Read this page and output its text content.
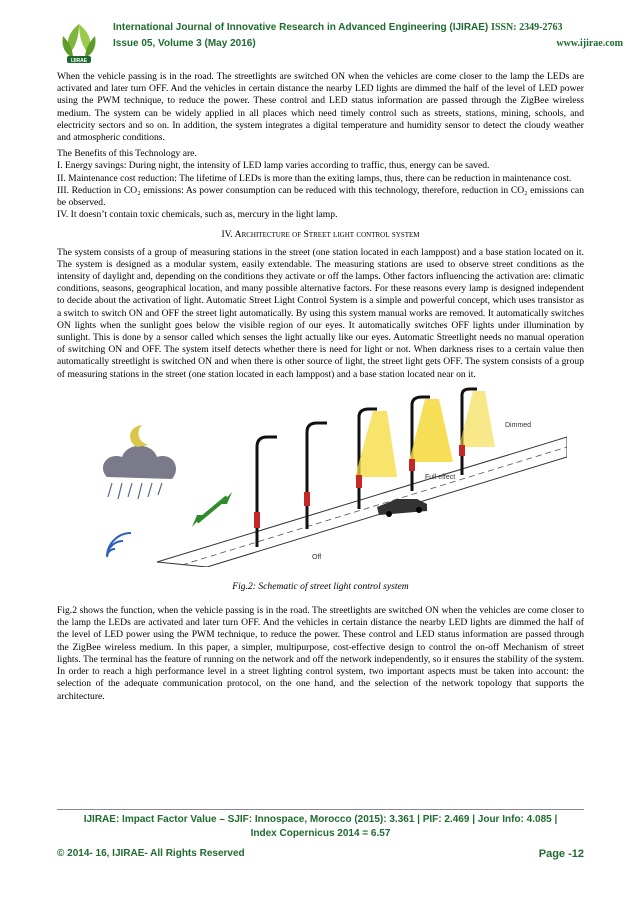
IJIRAE
International Journal of Innovative Research in Advanced Engineering (IJIRAE) ISSN: 2349-2763
Issue 05, Volume 3 (May 2016)	www.ijirae.com

When the vehicle passing is in the road. The streetlights are switched ON when the vehicles are come closer to the lamp the LEDs are activated and later turn OFF. And the vehicles in certain distance the nearby LED lights are dimmed the half of the level of LED power using the PWM technique, to reduce the power. These control and LED status information are passed through the ZigBee wireless medium. The system can be widely applied in all places which need timely control such as streets, stations, mining, schools, and electricity sectors and so on. In addition, the system integrates a digital temperature and humidity sensor to detect the cloudy weather and atmospheric conditions.

The Benefits of this Technology are.

I. Energy savings: During night, the intensity of LED lamp varies according to traffic, thus, energy can be saved.

II. Maintenance cost reduction: The lifetime of LEDs is more than the exiting lamps, thus, there can be reduction in maintenance cost.

III. Reduction in CO₂ emissions: As power consumption can be reduced with this technology, therefore, reduction in CO₂ emissions can be observed.

IV. It doesn’t contain toxic chemicals, such as, mercury in the light lamp.

IV. Architecture of Street light control system

The system consists of a group of measuring stations in the street (one station located in each lamppost) and a base station located on it. The system is designed as a modular system, easily extendable. The measuring stations are used to observe street conditions as the intensity of daylight and, depending on the conditions they activate or off the lamps. Other factors influencing the activation are: climatic conditions, seasons, geographical location, and many possible alternative factors. For these reasons every lamp is designed independent to decide about the activation of light. Automatic Street Light Control System is a simple and powerful concept, which uses transistor as a switch to switch ON and OFF the street light automatically. By using this system manual works are removed. It automatically switches ON lights when the sunlight goes below the visible region of our eyes. It automatically switches OFF lights under illumination by sunlight. This is done by a sensor called which senses the light actually like our eyes. Automatic Streetlight needs no manual operation of switching ON and OFF. The system itself detects whether there is need for light or not. When darkness rises to a certain value then automatically streetlight is switched ON and when there is other source of light, the street light gets OFF. The system consists of a group of measuring stations in the street (one station located in each lamppost) and a base station located near on it.

Dimmed
Full effect
Off
Fig.2: Schematic of street light control system

Fig.2 shows the function, when the vehicle passing is in the road. The streetlights are switched ON when the vehicles are come closer to the lamp the LEDs are activated and later turn OFF. And the vehicles in certain distance the nearby LED lights are dimmed the half of the level of LED power using the PWM technique, to reduce the power. These control and LED status information are passed through the ZigBee wireless medium. In this paper, a simpler, multipurpose, cost-effective design to control the on-off Mechanism of street lights. The terminal has the feature of running on the network and off the network independently, so it ensures the stability of the system. In order to reach a high performance level in a street lighting control system, two important aspects must be taken into account: the selection of the adequate communication protocol, on the one hand, and the selection of the network topology that supports the architecture.

IJIRAE: Impact Factor Value – SJIF: Innospace, Morocco (2015): 3.361 | PIF: 2.469 | Jour Info: 4.085 |
Index Copernicus 2014 = 6.57
© 2014- 16, IJIRAE- All Rights Reserved	Page -12
